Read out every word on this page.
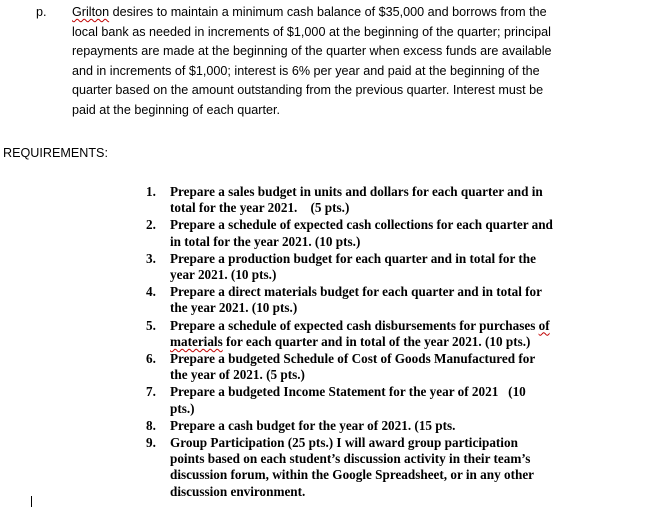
p.	Grilton desires to maintain a minimum cash balance of $35,000 and borrows from the
local bank as needed in increments of $1,000 at the beginning of the quarter; principal
repayments are made at the beginning of the quarter when excess funds are available
and in increments of $1,000; interest is 6% per year and paid at the beginning of the
quarter based on the amount outstanding from the previous quarter. Interest must be
paid at the beginning of each quarter.
REQUIREMENTS:
1.	Prepare a sales budget in units and dollars for each quarter and in
total for the year 2021.    (5 pts.)
2.	Prepare a schedule of expected cash collections for each quarter and
in total for the year 2021. (10 pts.)
3.	Prepare a production budget for each quarter and in total for the
year 2021. (10 pts.)
4.	Prepare a direct materials budget for each quarter and in total for
the year 2021. (10 pts.)
5.	Prepare a schedule of expected cash disbursements for purchases of
materials for each quarter and in total of the year 2021. (10 pts.)
6.	Prepare a budgeted Schedule of Cost of Goods Manufactured for
the year of 2021. (5 pts.)
7.	Prepare a budgeted Income Statement for the year of 2021   (10
pts.)
8.	Prepare a cash budget for the year of 2021. (15 pts.
9.	Group Participation (25 pts.) I will award group participation
points based on each student’s discussion activity in their team’s
discussion forum, within the Google Spreadsheet, or in any other
discussion environment.
